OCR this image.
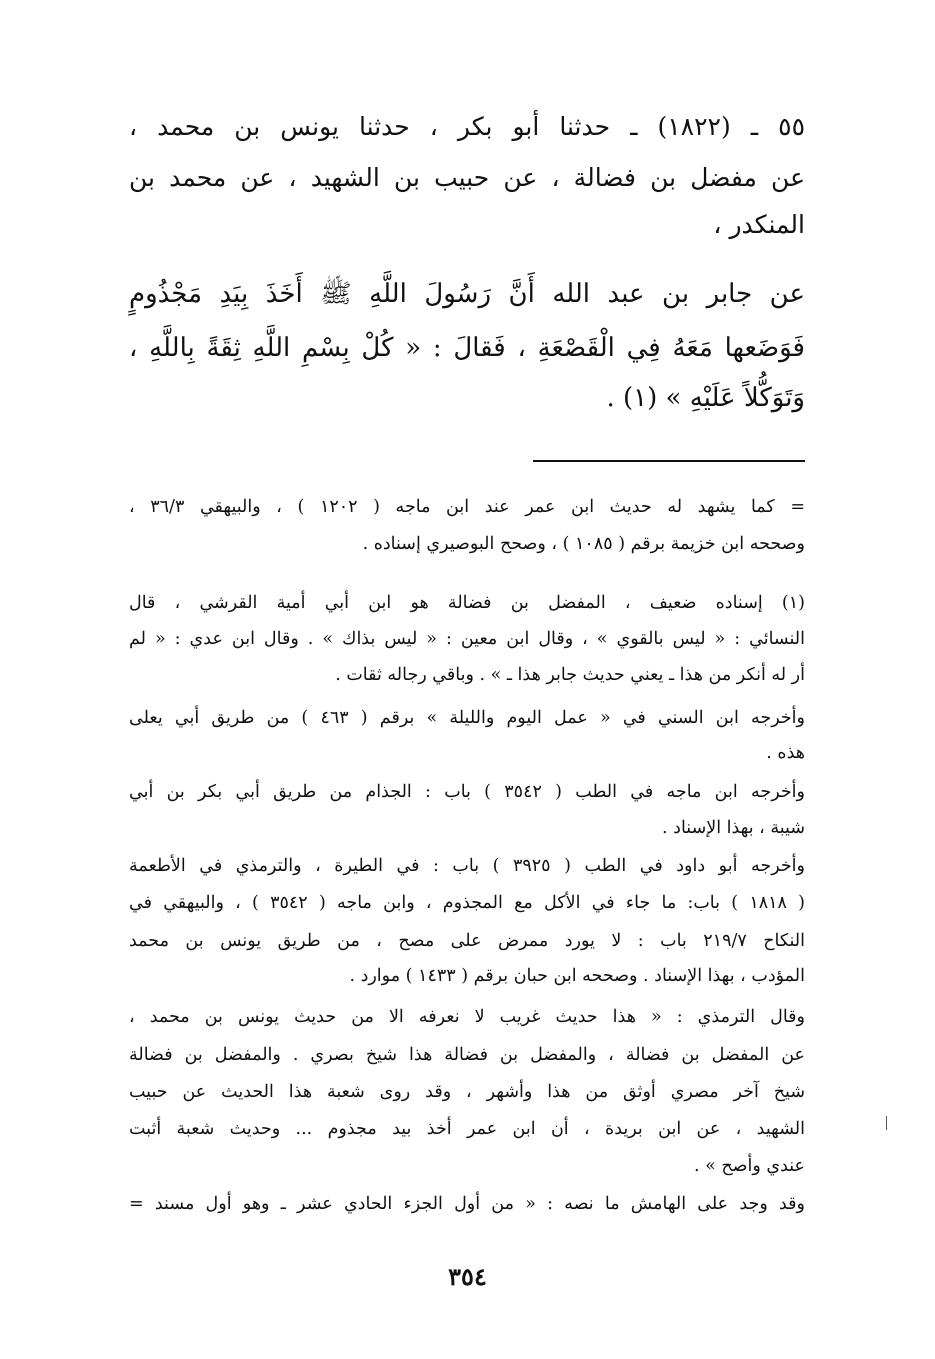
٥٥ ـ (١٨٢٢) ـ حدثنا أبو بكر ، حدثنا يونس بن محمد ،
عن مفضل بن فضالة ، عن حبيب بن الشهيد ، عن محمد بن
المنكدر ،
عن جابر بن عبد الله أَنَّ رَسُولَ اللَّهِ ﷺ أَخَذَ بِيَدِ مَجْذُومٍ
فَوَضَعها مَعَهُ فِي الْقَصْعَةِ ، فَقالَ : « كُلْ بِسْمِ اللَّهِ ثِقَةً بِاللَّهِ ،
وَتَوَكُّلاً عَلَيْهِ » (١) .
= كما يشهد له حديث ابن عمر عند ابن ماجه ( ١٢٠٢ ) ، والبيهقي ٣٦/٣ ،
وصححه ابن خزيمة برقم ( ١٠٨٥ ) ، وصحح البوصيري إسناده .
(١) إسناده ضعيف ، المفضل بن فضالة هو ابن أبي أمية القرشي ، قال
النسائي : « ليس بالقوي » ، وقال ابن معين : « ليس بذاك » . وقال ابن عدي : « لم
أر له أنكر من هذا ـ يعني حديث جابر هذا ـ » . وباقي رجاله ثقات .
وأخرجه ابن السني في « عمل اليوم والليلة » برقم ( ٤٦٣ ) من طريق أبي يعلى
هذه .
وأخرجه ابن ماجه في الطب ( ٣٥٤٢ ) باب : الجذام من طريق أبي بكر بن أبي
شيبة ، بهذا الإسناد .
وأخرجه أبو داود في الطب ( ٣٩٢٥ ) باب : في الطيرة ، والترمذي في الأطعمة
( ١٨١٨ ) باب: ما جاء في الأكل مع المجذوم ، وابن ماجه ( ٣٥٤٢ ) ، والبيهقي في
النكاح ٢١٩/٧ باب : لا يورد ممرض على مصح ، من طريق يونس بن محمد
المؤدب ، بهذا الإسناد . وصححه ابن حبان برقم ( ١٤٣٣ ) موارد .
وقال الترمذي : « هذا حديث غريب لا نعرفه الا من حديث يونس بن محمد ،
عن المفضل بن فضالة ، والمفضل بن فضالة هذا شيخ بصري . والمفضل بن فضالة
شيخ آخر مصري أوثق من هذا وأشهر ، وقد روى شعبة هذا الحديث عن حبيب
الشهيد ، عن ابن بريدة ، أن ابن عمر أخذ بيد مجذوم ... وحديث شعبة أثبت
عندي وأصح » .
وقد وجد على الهامش ما نصه : « من أول الجزء الحادي عشر ـ وهو أول مسند =
٣٥٤
